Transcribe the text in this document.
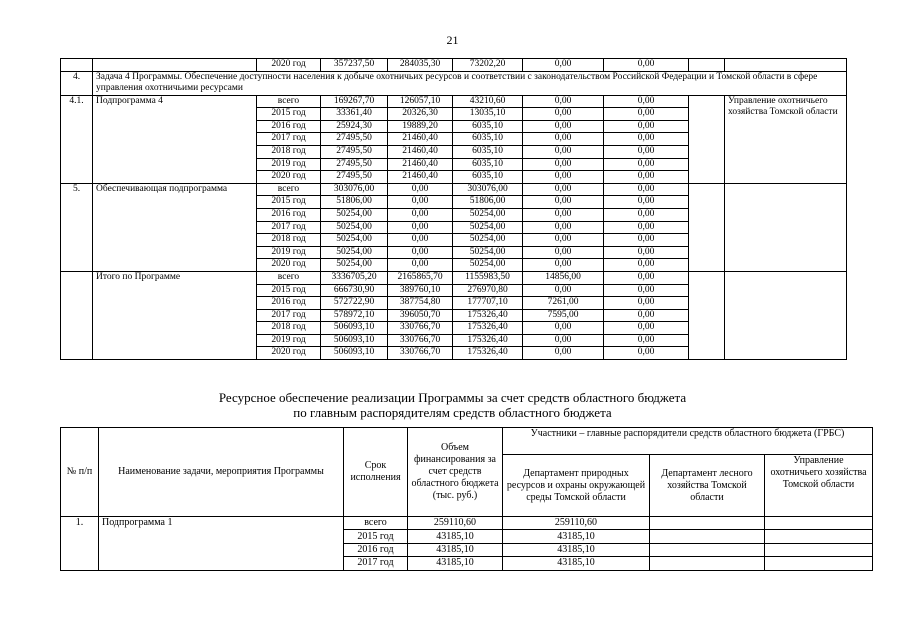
21
		2020 год	357237,50	284035,30	73202,20	0,00	0,00		
4.	Задача 4 Программы. Обеспечение доступности населения к добыче охотничьих ресурсов и соответствии с законодательством Российской Федерации и Томской области в сфере управления охотничьими ресурсами								
4.1.	Подпрограмма 4	всего	169267,70	126057,10	43210,60	0,00	0,00		Управление охотничьего хозяйства Томской области
		2015 год	33361,40	20326,30	13035,10	0,00	0,00		
		2016 год	25924,30	19889,20	6035,10	0,00	0,00		
		2017 год	27495,50	21460,40	6035,10	0,00	0,00		
		2018 год	27495,50	21460,40	6035,10	0,00	0,00		
		2019 год	27495,50	21460,40	6035,10	0,00	0,00		
		2020 год	27495,50	21460,40	6035,10	0,00	0,00		
5.	Обеспечивающая подпрограмма	всего	303076,00	0,00	303076,00	0,00	0,00		
		2015 год	51806,00	0,00	51806,00	0,00	0,00		
		2016 год	50254,00	0,00	50254,00	0,00	0,00		
		2017 год	50254,00	0,00	50254,00	0,00	0,00		
		2018 год	50254,00	0,00	50254,00	0,00	0,00		
		2019 год	50254,00	0,00	50254,00	0,00	0,00		
		2020 год	50254,00	0,00	50254,00	0,00	0,00		
	Итого по Программе	всего	3336705,20	2165865,70	1155983,50	14856,00	0,00		
		2015 год	666730,90	389760,10	276970,80	0,00	0,00		
		2016 год	572722,90	387754,80	177707,10	7261,00	0,00		
		2017 год	578972,10	396050,70	175326,40	7595,00	0,00		
		2018 год	506093,10	330766,70	175326,40	0,00	0,00		
		2019 год	506093,10	330766,70	175326,40	0,00	0,00		
		2020 год	506093,10	330766,70	175326,40	0,00	0,00		
Ресурсное обеспечение реализации Программы за счет средств областного бюджета
по главным распорядителям средств областного бюджета
№ п/п	Наименование задачи, мероприятия Программы	Срок исполнения	Объем финансирования за счет средств областного бюджета (тыс. руб.)	Участники – главные распорядители средств областного бюджета (ГРБС)		
				Департамент природных ресурсов и охраны окружающей среды Томской области	Департамент лесного хозяйства Томской области	Управление охотничьего хозяйства Томской области
1.	Подпрограмма 1	всего	259110,60	259110,60		
		2015 год	43185,10	43185,10		
		2016 год	43185,10	43185,10		
		2017 год	43185,10	43185,10		
